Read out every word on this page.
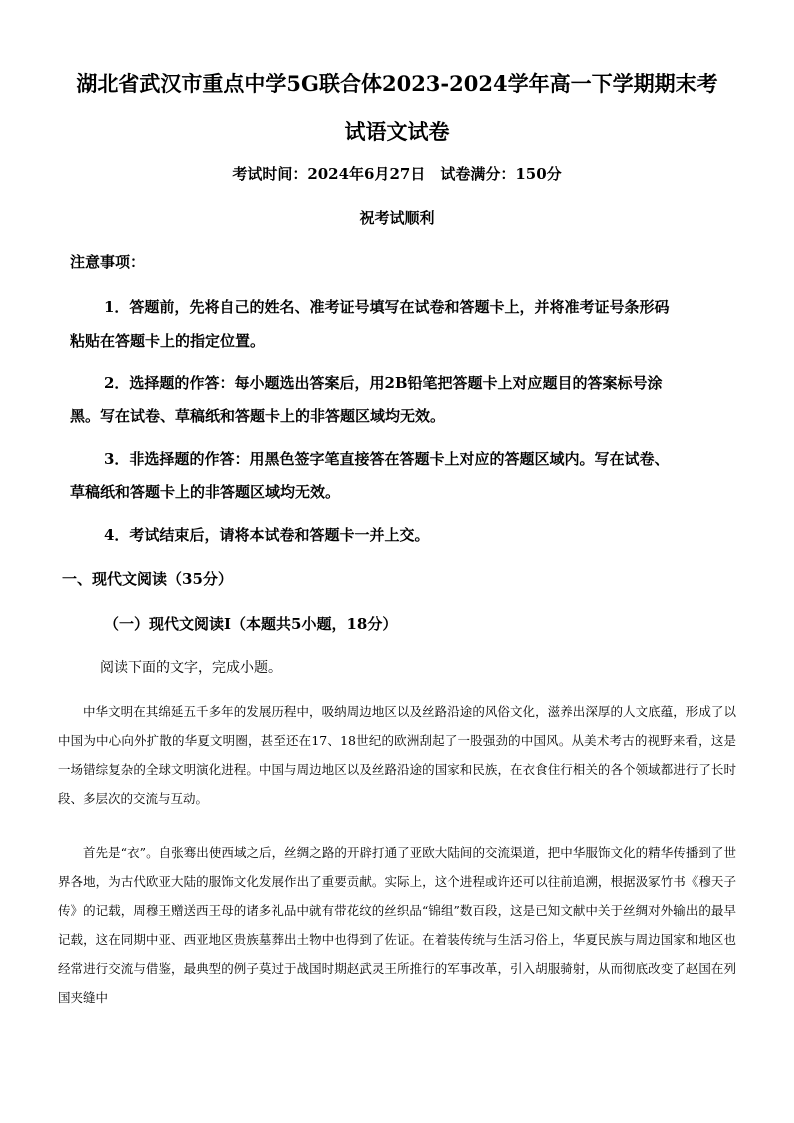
湖北省武汉市重点中学5G联合体2023-2024学年高一下学期期末考
试语文试卷
考试时间：2024年6月27日　试卷满分：150分
祝考试顺利
注意事项：
1．答题前，先将自己的姓名、准考证号填写在试卷和答题卡上，并将准考证号条形码
粘贴在答题卡上的指定位置。
2．选择题的作答：每小题选出答案后，用2B铅笔把答题卡上对应题目的答案标号涂
黑。写在试卷、草稿纸和答题卡上的非答题区域均无效。
3．非选择题的作答：用黑色签字笔直接答在答题卡上对应的答题区域内。写在试卷、
草稿纸和答题卡上的非答题区域均无效。
4．考试结束后，请将本试卷和答题卡一并上交。
一、现代文阅读（35分）
（一）现代文阅读Ⅰ（本题共5小题，18分）
阅读下面的文字，完成小题。
中华文明在其绵延五千多年的发展历程中，吸纳周边地区以及丝路沿途的风俗文化，滋养出深厚的人文底蕴，形成了以中国为中心向外扩散的华夏文明圈，甚至还在17、18世纪的欧洲刮起了一股强劲的中国风。从美术考古的视野来看，这是一场错综复杂的全球文明演化进程。中国与周边地区以及丝路沿途的国家和民族，在衣食住行相关的各个领域都进行了长时段、多层次的交流与互动。
首先是“衣”。自张骞出使西域之后，丝绸之路的开辟打通了亚欧大陆间的交流渠道，把中华服饰文化的精华传播到了世界各地，为古代欧亚大陆的服饰文化发展作出了重要贡献。实际上，这个进程或许还可以往前追溯，根据汲冢竹书《穆天子传》的记载，周穆王赠送西王母的诸多礼品中就有带花纹的丝织品“锦组”数百段，这是已知文献中关于丝绸对外输出的最早记载，这在同期中亚、西亚地区贵族墓葬出土物中也得到了佐证。在着装传统与生活习俗上，华夏民族与周边国家和地区也经常进行交流与借鉴，最典型的例子莫过于战国时期赵武灵王所推行的军事改革，引入胡服骑射，从而彻底改变了赵国在列国夹缝中
